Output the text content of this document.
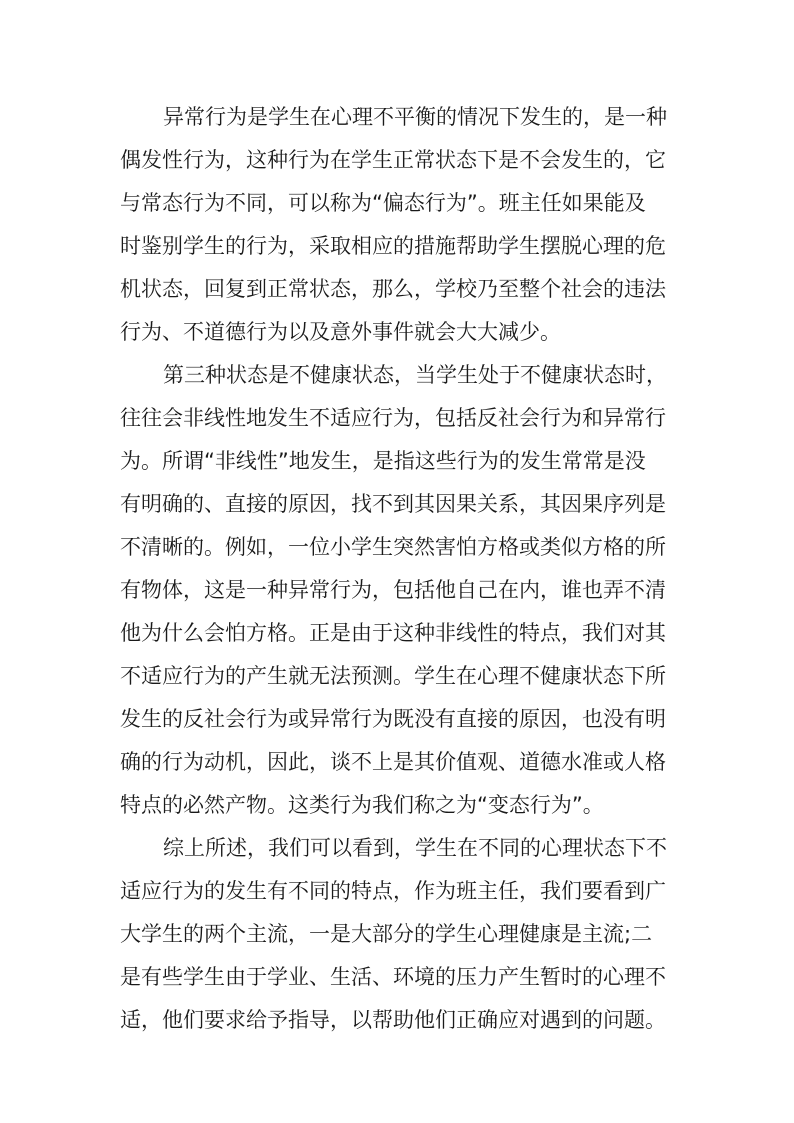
异常行为是学生在心理不平衡的情况下发生的，是一种
偶发性行为，这种行为在学生正常状态下是不会发生的，它
与常态行为不同，可以称为“偏态行为”。班主任如果能及
时鉴别学生的行为，采取相应的措施帮助学生摆脱心理的危
机状态，回复到正常状态，那么，学校乃至整个社会的违法
行为、不道德行为以及意外事件就会大大减少。
第三种状态是不健康状态，当学生处于不健康状态时，
往往会非线性地发生不适应行为，包括反社会行为和异常行
为。所谓“非线性”地发生，是指这些行为的发生常常是没
有明确的、直接的原因，找不到其因果关系，其因果序列是
不清晰的。例如，一位小学生突然害怕方格或类似方格的所
有物体，这是一种异常行为，包括他自己在内，谁也弄不清
他为什么会怕方格。正是由于这种非线性的特点，我们对其
不适应行为的产生就无法预测。学生在心理不健康状态下所
发生的反社会行为或异常行为既没有直接的原因，也没有明
确的行为动机，因此，谈不上是其价值观、道德水准或人格
特点的必然产物。这类行为我们称之为“变态行为”。
综上所述，我们可以看到，学生在不同的心理状态下不
适应行为的发生有不同的特点，作为班主任，我们要看到广
大学生的两个主流，一是大部分的学生心理健康是主流;二
是有些学生由于学业、生活、环境的压力产生暂时的心理不
适，他们要求给予指导，以帮助他们正确应对遇到的问题。
